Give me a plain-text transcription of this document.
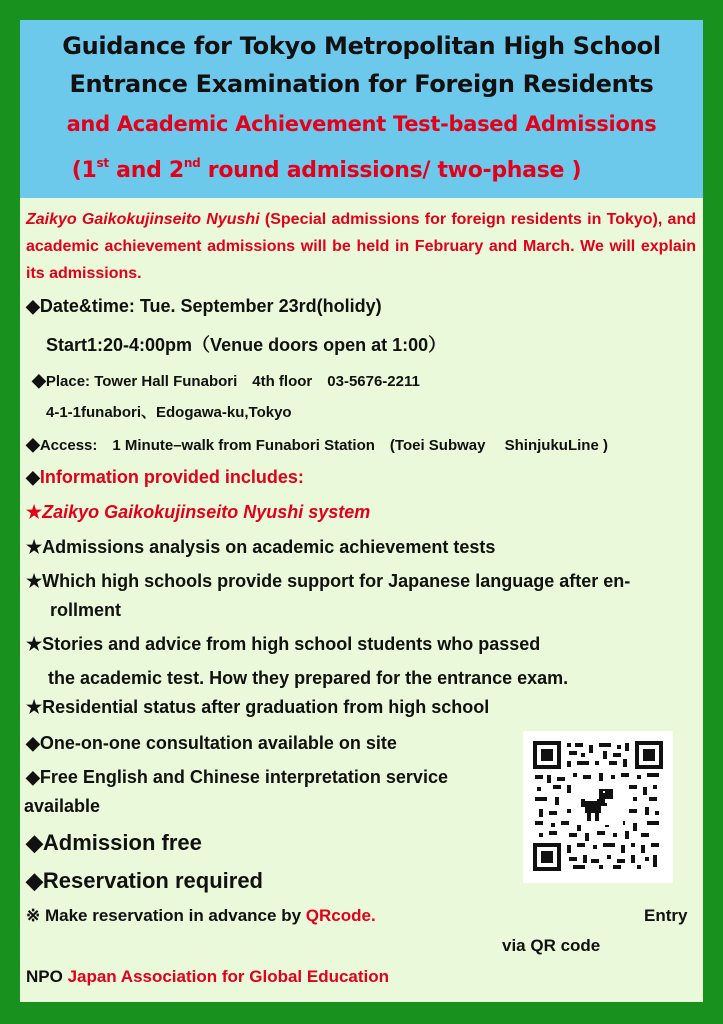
Guidance for Tokyo Metropolitan High School
Entrance Examination for Foreign Residents
and Academic Achievement Test-based Admissions
(1st and 2nd round admissions/ two-phase )
Zaikyo Gaikokujinseito Nyushi (Special admissions for foreign residents in Tokyo), and academic achievement admissions will be held in February and March. We will explain its admissions.
◆Date&time: Tue. September 23rd(holidy)
Start1:20-4:00pm（Venue doors open at 1:00）
◆Place: Tower Hall Funabori　4th floor　03-5676-2211
4-1-1funabori、Edogawa-ku,Tokyo
◆Access:　1 Minute–walk from Funabori Station　(Toei Subway　 ShinjukuLine )
◆Information provided includes:
★Zaikyo Gaikokujinseito Nyushi system
★Admissions analysis on academic achievement tests
★Which high schools provide support for Japanese language after en-
rollment
★Stories and advice from high school students who passed
the academic test. How they prepared for the entrance exam.
★Residential status after graduation from high school
◆One-on-one consultation available on site
◆Free English and Chinese interpretation service
available
◆Admission free
◆Reservation required
※ Make reservation in advance by QRcode.	Entry
via QR code
NPO Japan Association for Global Education
